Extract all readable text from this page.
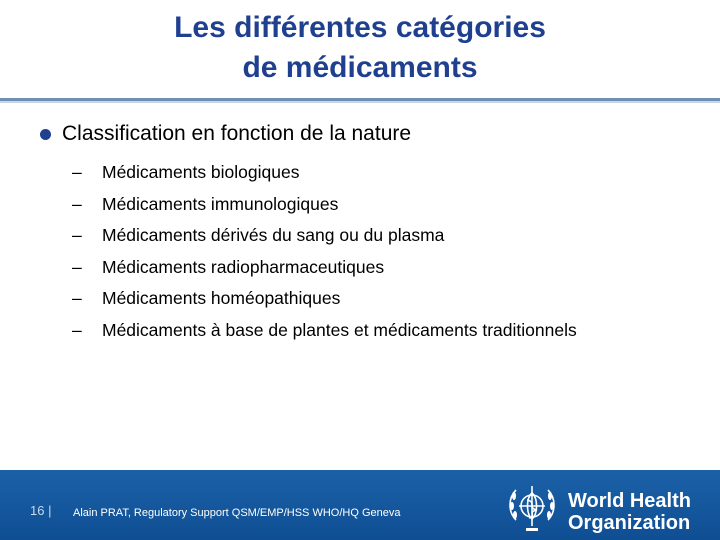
Les différentes catégories
de médicaments
Classification en fonction de la nature
–	Médicaments biologiques
–	Médicaments immunologiques
–	Médicaments dérivés du sang ou du plasma
–	Médicaments radiopharmaceutiques
–	Médicaments homéopathiques
–	Médicaments à base de plantes et médicaments traditionnels
16 | Alain PRAT, Regulatory Support QSM/EMP/HSS WHO/HQ Geneva
World Health
Organization
